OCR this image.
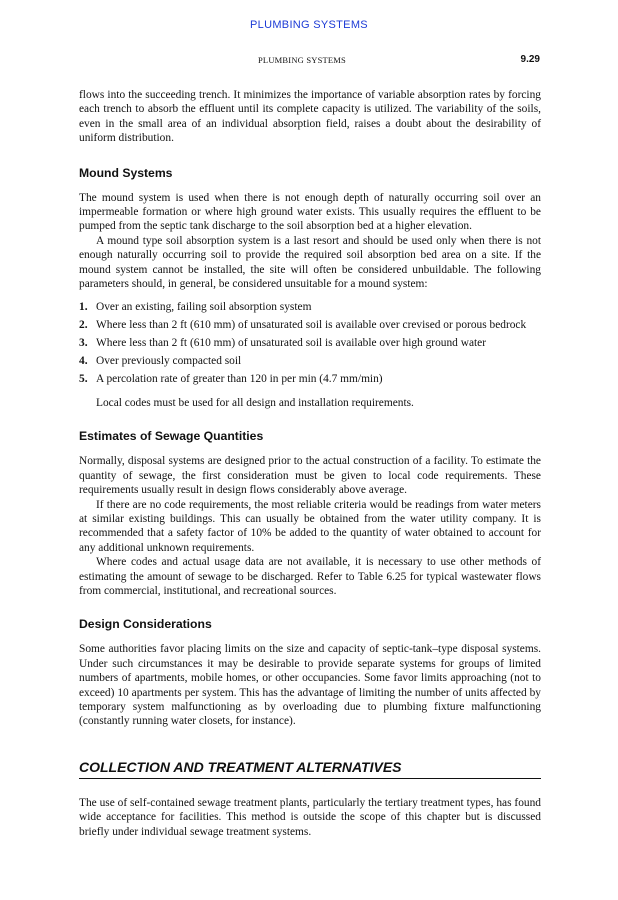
PLUMBING SYSTEMS
PLUMBING SYSTEMS	9.29

flows into the succeeding trench. It minimizes the importance of variable absorption rates by forcing each trench to absorb the effluent until its complete capacity is utilized. The variability of the soils, even in the small area of an individual absorption field, raises a doubt about the desirability of uniform distribution.

Mound Systems

The mound system is used when there is not enough depth of naturally occurring soil over an impermeable formation or where high ground water exists. This usually requires the effluent to be pumped from the septic tank discharge to the soil absorption bed at a higher elevation.

A mound type soil absorption system is a last resort and should be used only when there is not enough naturally occurring soil to provide the required soil absorption bed area on a site. If the mound system cannot be installed, the site will often be considered unbuildable. The following parameters should, in general, be considered unsuitable for a mound system:

1. Over an existing, failing soil absorption system
2. Where less than 2 ft (610 mm) of unsaturated soil is available over crevised or porous bedrock
3. Where less than 2 ft (610 mm) of unsaturated soil is available over high ground water
4. Over previously compacted soil
5. A percolation rate of greater than 120 in per min (4.7 mm/min)

Local codes must be used for all design and installation requirements.

Estimates of Sewage Quantities

Normally, disposal systems are designed prior to the actual construction of a facility. To estimate the quantity of sewage, the first consideration must be given to local code requirements. These requirements usually result in design flows considerably above average.

If there are no code requirements, the most reliable criteria would be readings from water meters at similar existing buildings. This can usually be obtained from the water utility company. It is recommended that a safety factor of 10% be added to the quantity of water obtained to account for any additional unknown requirements.

Where codes and actual usage data are not available, it is necessary to use other methods of estimating the amount of sewage to be discharged. Refer to Table 6.25 for typical wastewater flows from commercial, institutional, and recreational sources.

Design Considerations

Some authorities favor placing limits on the size and capacity of septic-tank–type disposal systems. Under such circumstances it may be desirable to provide separate systems for groups of limited numbers of apartments, mobile homes, or other occupancies. Some favor limits approaching (not to exceed) 10 apartments per system. This has the advantage of limiting the number of units affected by temporary system malfunctioning as by overloading due to plumbing fixture malfunctioning (constantly running water closets, for instance).

COLLECTION AND TREATMENT ALTERNATIVES

The use of self-contained sewage treatment plants, particularly the tertiary treatment types, has found wide acceptance for facilities. This method is outside the scope of this chapter but is discussed briefly under individual sewage treatment systems.
